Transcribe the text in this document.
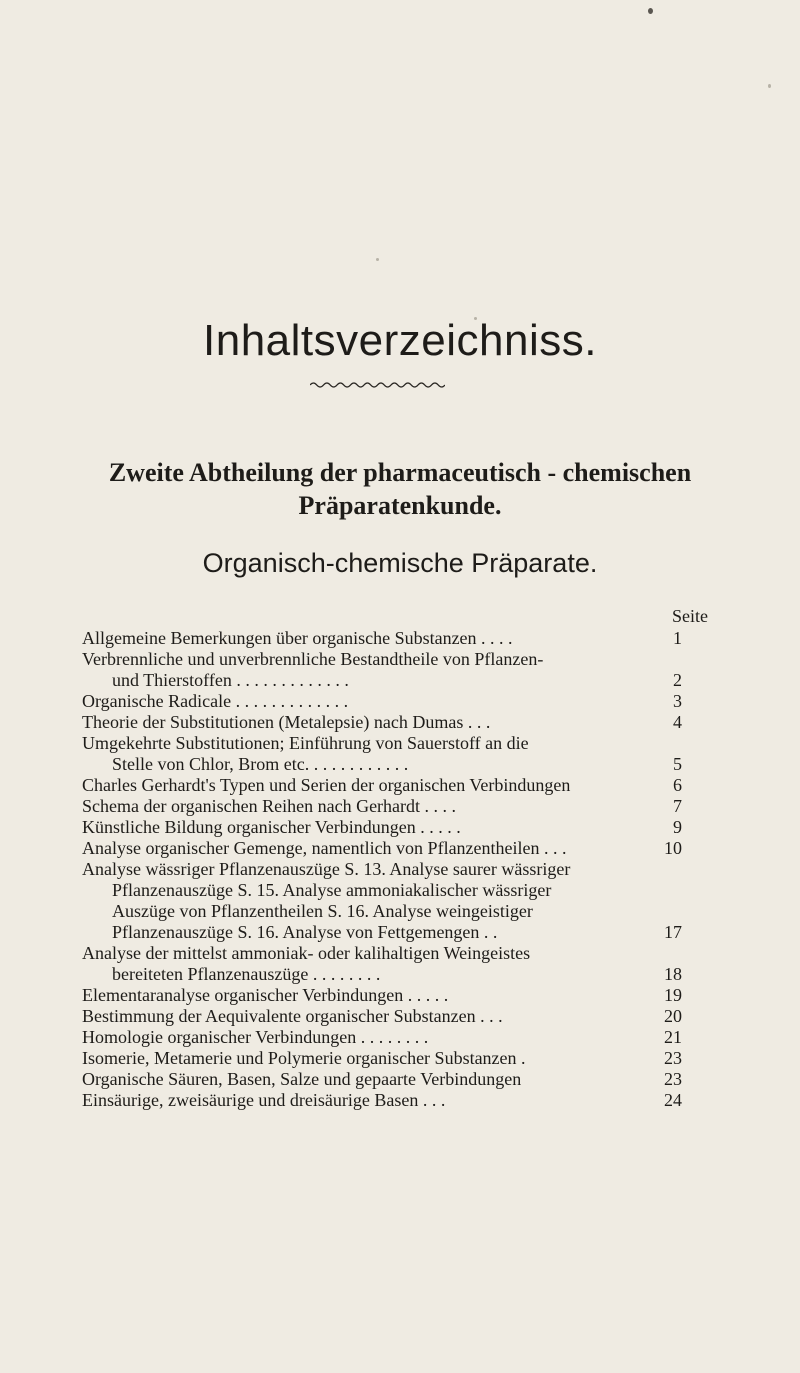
Inhaltsverzeichniss.
Zweite Abtheilung der pharmaceutisch - chemischen
Präparatenkunde.
Organisch-chemische Präparate.
Seite
Allgemeine Bemerkungen über organische Substanzen . . . .	1
Verbrennliche und unverbrennliche Bestandtheile von Pflanzen-
und Thierstoffen . . . . . . . . . . . . .	2
Organische Radicale . . . . . . . . . . . . .	3
Theorie der Substitutionen (Metalepsie) nach Dumas . . .	4
Umgekehrte Substitutionen; Einführung von Sauerstoff an die
Stelle von Chlor, Brom etc. . . . . . . . . . . .	5
Charles Gerhardt's Typen und Serien der organischen Verbindungen	6
Schema der organischen Reihen nach Gerhardt . . . .	7
Künstliche Bildung organischer Verbindungen . . . . .	9
Analyse organischer Gemenge, namentlich von Pflanzentheilen . . .	10
Analyse wässriger Pflanzenauszüge S. 13. Analyse saurer wässriger
Pflanzenauszüge S. 15. Analyse ammoniakalischer wässriger
Auszüge von Pflanzentheilen S. 16. Analyse weingeistiger
Pflanzenauszüge S. 16. Analyse von Fettgemengen . .	17
Analyse der mittelst ammoniak- oder kalihaltigen Weingeistes
bereiteten Pflanzenauszüge . . . . . . . .	18
Elementaranalyse organischer Verbindungen . . . . .	19
Bestimmung der Aequivalente organischer Substanzen . . .	20
Homologie organischer Verbindungen . . . . . . . .	21
Isomerie, Metamerie und Polymerie organischer Substanzen .	23
Organische Säuren, Basen, Salze und gepaarte Verbindungen	23
Einsäurige, zweisäurige und dreisäurige Basen . . .	24
